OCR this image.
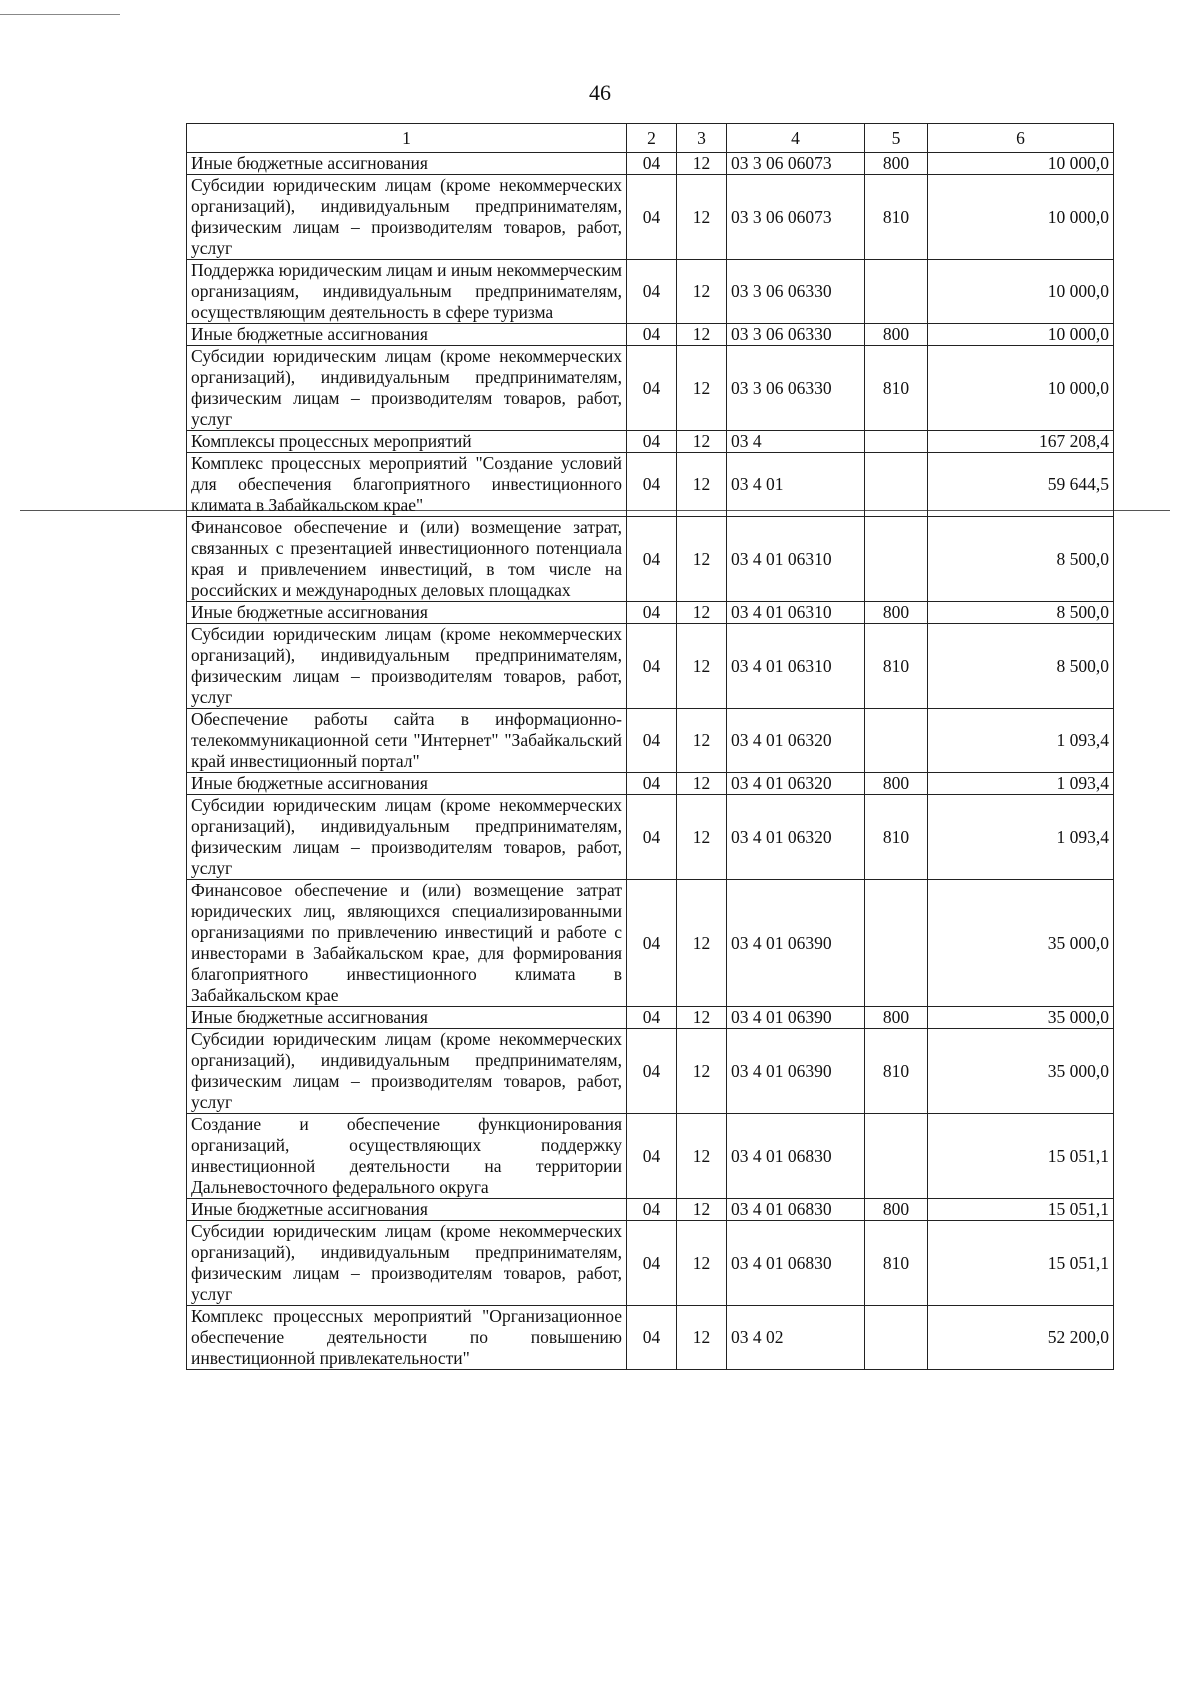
46
1	2	3	4	5	6
Иные бюджетные ассигнования	04	12	03 3 06 06073	800	10 000,0
Субсидии юридическим лицам (кроме некоммерческих организаций), индивидуальным предпринимателям, физическим лицам – производителям товаров, работ, услуг	04	12	03 3 06 06073	810	10 000,0
Поддержка юридическим лицам и иным некоммерческим организациям, индивидуальным предпринимателям, осуществляющим деятельность в сфере туризма	04	12	03 3 06 06330		10 000,0
Иные бюджетные ассигнования	04	12	03 3 06 06330	800	10 000,0
Субсидии юридическим лицам (кроме некоммерческих организаций), индивидуальным предпринимателям, физическим лицам – производителям товаров, работ, услуг	04	12	03 3 06 06330	810	10 000,0
Комплексы процессных мероприятий	04	12	03 4		167 208,4
Комплекс процессных мероприятий "Создание условий для обеспечения благоприятного инвестиционного климата в Забайкальском крае"	04	12	03 4 01		59 644,5
Финансовое обеспечение и (или) возмещение затрат, связанных с презентацией инвестиционного потенциала края и привлечением инвестиций, в том числе на российских и международных деловых площадках	04	12	03 4 01 06310		8 500,0
Иные бюджетные ассигнования	04	12	03 4 01 06310	800	8 500,0
Субсидии юридическим лицам (кроме некоммерческих организаций), индивидуальным предпринимателям, физическим лицам – производителям товаров, работ, услуг	04	12	03 4 01 06310	810	8 500,0
Обеспечение работы сайта в информационно-телекоммуникационной сети "Интернет" "Забайкальский край инвестиционный портал"	04	12	03 4 01 06320		1 093,4
Иные бюджетные ассигнования	04	12	03 4 01 06320	800	1 093,4
Субсидии юридическим лицам (кроме некоммерческих организаций), индивидуальным предпринимателям, физическим лицам – производителям товаров, работ, услуг	04	12	03 4 01 06320	810	1 093,4
Финансовое обеспечение и (или) возмещение затрат юридических лиц, являющихся специализированными организациями по привлечению инвестиций и работе с инвесторами в Забайкальском крае, для формирования благоприятного инвестиционного климата в Забайкальском крае	04	12	03 4 01 06390		35 000,0
Иные бюджетные ассигнования	04	12	03 4 01 06390	800	35 000,0
Субсидии юридическим лицам (кроме некоммерческих организаций), индивидуальным предпринимателям, физическим лицам – производителям товаров, работ, услуг	04	12	03 4 01 06390	810	35 000,0
Создание и обеспечение функционирования организаций, осуществляющих поддержку инвестиционной деятельности на территории Дальневосточного федерального округа	04	12	03 4 01 06830		15 051,1
Иные бюджетные ассигнования	04	12	03 4 01 06830	800	15 051,1
Субсидии юридическим лицам (кроме некоммерческих организаций), индивидуальным предпринимателям, физическим лицам – производителям товаров, работ, услуг	04	12	03 4 01 06830	810	15 051,1
Комплекс процессных мероприятий "Организационное обеспечение деятельности по повышению инвестиционной привлекательности"	04	12	03 4 02		52 200,0
